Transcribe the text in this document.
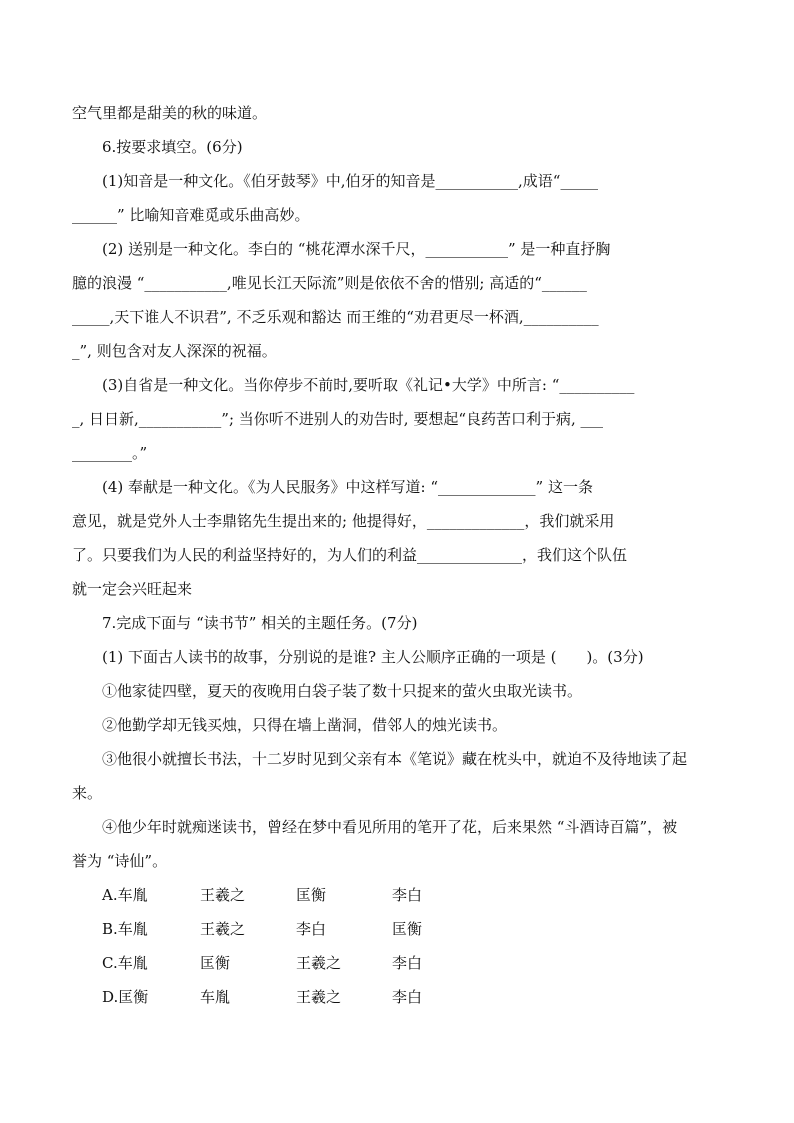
空气里都是甜美的秋的味道。

6.按要求填空。(6分)

(1)知音是一种文化。《伯牙鼓琴》中,伯牙的知音是___________,成语“_____

______” 比喻知音难觅或乐曲高妙。

(2) 送别是一种文化。李白的 “桃花潭水深千尺，___________” 是一种直抒胸

臆的浪漫 “___________,唯见长江天际流”则是依依不舍的惜别; 高适的“______

_____,天下谁人不识君”, 不乏乐观和豁达 而王维的“劝君更尽一杯酒,__________

_”, 则包含对友人深深的祝福。

(3)自省是一种文化。当你停步不前时,要听取《礼记•大学》中所言: “__________

_, 日日新,___________”; 当你听不进别人的劝告时, 要想起“良药苦口利于病, ___

________。”

(4) 奉献是一种文化。《为人民服务》中这样写道: “_____________” 这一条

意见，就是党外人士李鼎铭先生提出来的; 他提得好，_____________，我们就采用

了。只要我们为人民的利益坚持好的，为人们的利益______________，我们这个队伍

就一定会兴旺起来

7.完成下面与 “读书节” 相关的主题任务。(7分)

(1) 下面古人读书的故事，分别说的是谁? 主人公顺序正确的一项是 (　　)。(3分)

①他家徒四壁，夏天的夜晚用白袋子装了数十只捉来的萤火虫取光读书。

②他勤学却无钱买烛，只得在墙上凿洞，借邻人的烛光读书。

③他很小就擅长书法，十二岁时见到父亲有本《笔说》藏在枕头中，就迫不及待地读了起

来。

④他少年时就痴迷读书，曾经在梦中看见所用的笔开了花，后来果然 “斗酒诗百篇”，被

誉为 “诗仙”。

A.车胤	王羲之	匡衡	李白
B.车胤	王羲之	李白	匡衡
C.车胤	匡衡	王羲之	李白
D.匡衡	车胤	王羲之	李白
